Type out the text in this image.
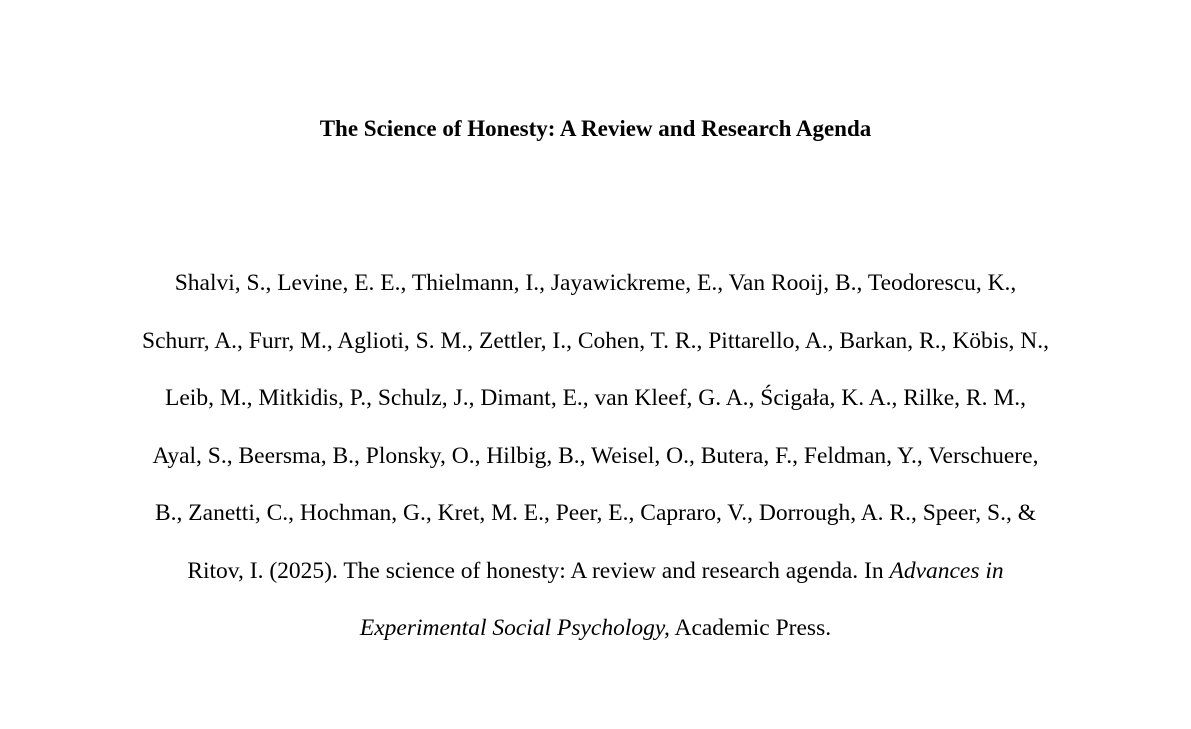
The Science of Honesty: A Review and Research Agenda
Shalvi, S., Levine, E. E., Thielmann, I., Jayawickreme, E., Van Rooij, B., Teodorescu, K.,
Schurr, A., Furr, M., Aglioti, S. M., Zettler, I., Cohen, T. R., Pittarello, A., Barkan, R., Köbis, N.,
Leib, M., Mitkidis, P., Schulz, J., Dimant, E., van Kleef, G. A., Ścigała, K. A., Rilke, R. M.,
Ayal, S., Beersma, B., Plonsky, O., Hilbig, B., Weisel, O., Butera, F., Feldman, Y., Verschuere,
B., Zanetti, C., Hochman, G., Kret, M. E., Peer, E., Capraro, V., Dorrough, A. R., Speer, S., &
Ritov, I. (2025). The science of honesty: A review and research agenda. In Advances in
Experimental Social Psychology, Academic Press.
